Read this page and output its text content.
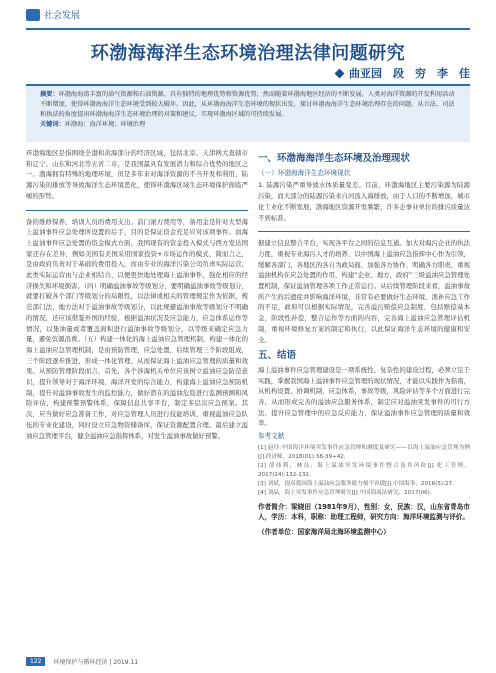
社会发展
环渤海海洋生态环境治理法律问题研究
曲亚园　段　穷　李　佳
摘要：环渤海海湾丰富的油气资源和石油资源，具有独特的地理优势和资源优势，然而随着环渤海地区经济的不断发展，人类对海洋资源的开发利用活动不断增加，使得环渤海海洋生态环境受到较大破坏。因此，从环渤海海洋生态环境的现状出发，探讨环渤海海洋生态环境治理存在的问题，从立法、司法和执法的角度提出环渤海海洋生态环境治理的对策和建议，实现环渤海区域的可持续发展。
关键词：环渤海；海洋环境；环境治理

环渤海地区是指围绕全渤和黄海部分的经济区域，包括北京、天津两大直辖市和辽宁、山东和河北等五省二市，是我国最具有发展潜力和综合优势的地区之一。渤海拥有特殊的地理环境，但是多年来对海洋资源的不当开发和利用，陆源污染的排放等导致海洋生态环境恶化，使得环渤海区域生态环境保护面临严峻的形势。

备的维修保养、培训人员的费用支出。前门滚刃费用等，备用金是针对大型海上溢油事件应急处理所设置的后手，目的是保证资金充足应对该项事件。而海上溢油事件应急处置的资金模式方面，我国现有的资金投入模式与西方发达国家还存在差异，例如美国有美国采用国家投资+市场运作的模式、简而言之，是由政府负责对于基础的费用投入，而由专业的海洋污染公司负责实际运营，此类实际运营由与企业相结合、以便更快地处理海上溢油事件，强化相应的经济损失和环境损害。（四）明确溢油事故等级划分，要明确溢油事故等级划分，就要打破各个部门等级划分的局限性，以法律或相关的管理规定作为依据，规范部门法，地方法对于溢油事故等级划分，以此规避溢油事故等级划分不明确的情况，还应该借鉴外国的经验，根据溢油状况及应急能力，应急体系运作等情况，以集油量或者覆盖面积进行溢油事故等级划分，以等级来确定应急力量，避免资源浪费。（五）构建一体化的海上溢油应急管理机制，构建一体化的海上溢油应急管理机制，是由预防管理，应急处置，后续管理三个阶段组成，三个阶段逐步推进，形成一体化管理、从而保证海上溢油应急管理的质量和效果。从预防管理阶段而言，首先，各个涉海机关单位应该树立溢油应急防范意识，提升领导对于海洋环境、海洋开发的综合能力，构建海上溢油应急预防机制，提升对溢油事故发生的监控能力，做好潜在的溢油危险进行监测预测和风险评估，构建预警预警体系，保障信息共享平台，制定多层次应急预案。其次，应当做好应急准备工作，对应急管理人员进行技能培训，重视溢油应急队伍的专业化建设，同时设立应急物资储备库，保证资源配置合理。最后建立溢油应急管理平台，健全溢油应急指挥体系，对发生溢油事故做好预警。

一、环渤海海洋生态环境及治理现状
（一）环渤海海洋生态环境现状

1. 陆源污染严重导致水体质量变差。目前，环渤海地区主要污染源为陆源污染，而大部分的陆源污染来自河流入海排放，由于人口的不断增加，城市化工业化不断发展，渤海地区资源开发频繁，许多企事业单位的排污质量达不到标准。

据建立信息整合平台，实现各平台之间的信息互通。加大对海污企业的执法力度，重视专业海污人才的培养，以中国海上溢油应急指挥中心作为引领，缓解各部门，各地区的各自为政局面，加强各方协作，明确各方职责，重视溢油机构在应急处置的作用，构建“企业、地方、政府”三级溢油应急管理处置机制，保证溢油管理各项工作正常运行。从后续管理阶段来看，溢油事故所产生的后遗症并影响海洋环境、非常有必要做好生态环境、渔补应急工作的不足，政府可以根据实际情况，完善溢污赔偿应急制度，包括赔偿基本金，阶段性补偿，整合运作等方面的内容，完善海上溢油应急管理评估机制，重视环境修复方案的制定和执行，以此保证海洋生态环境的健康和安全。

五、结语

海上溢油事件应急管理建设是一项系统性、复杂性的建设过程，必须立足于实践，掌握我国海上溢油事件应急管理的现状情况，才能以实践作为指南，从机构设置、协调机制，应急体系，事故等级，风险评估等多个方面进行完善，从而形成完善的溢油应急服务体系，制定应对溢油突发事件的可行方法，提升应急管理中的应急反应能力，保证溢油事件应急管理的质量和效率。

参考文献
[1] 赵玲.中国海洋环境突发事件应急管理和测度及研究——以海上溢油应急管理为例[J].经济师，2018(01):38-39+42.
[2] 薛伟利，林良，海上溢油突发环境事件整合及其风险[J].化工管理，2017(24):132-132.
[3] 刘斌，提高我国海上溢油应急服务能力刻不容缓[J].中国海事，2016(5):27.
[4] 刘晶，海上突发事件应急管理研究[J].中国海商法研究，2017(06).
作者简介：梁晓田（1981年9月），性别：女，民族：汉，山东省青岛市人，学历：本科，职称：助理工程师，研究方向：海洋环境监测与评价。
（作者单位：国家海洋局北海环境监测中心）
122	环境保护与循环经济 | 2019.11
